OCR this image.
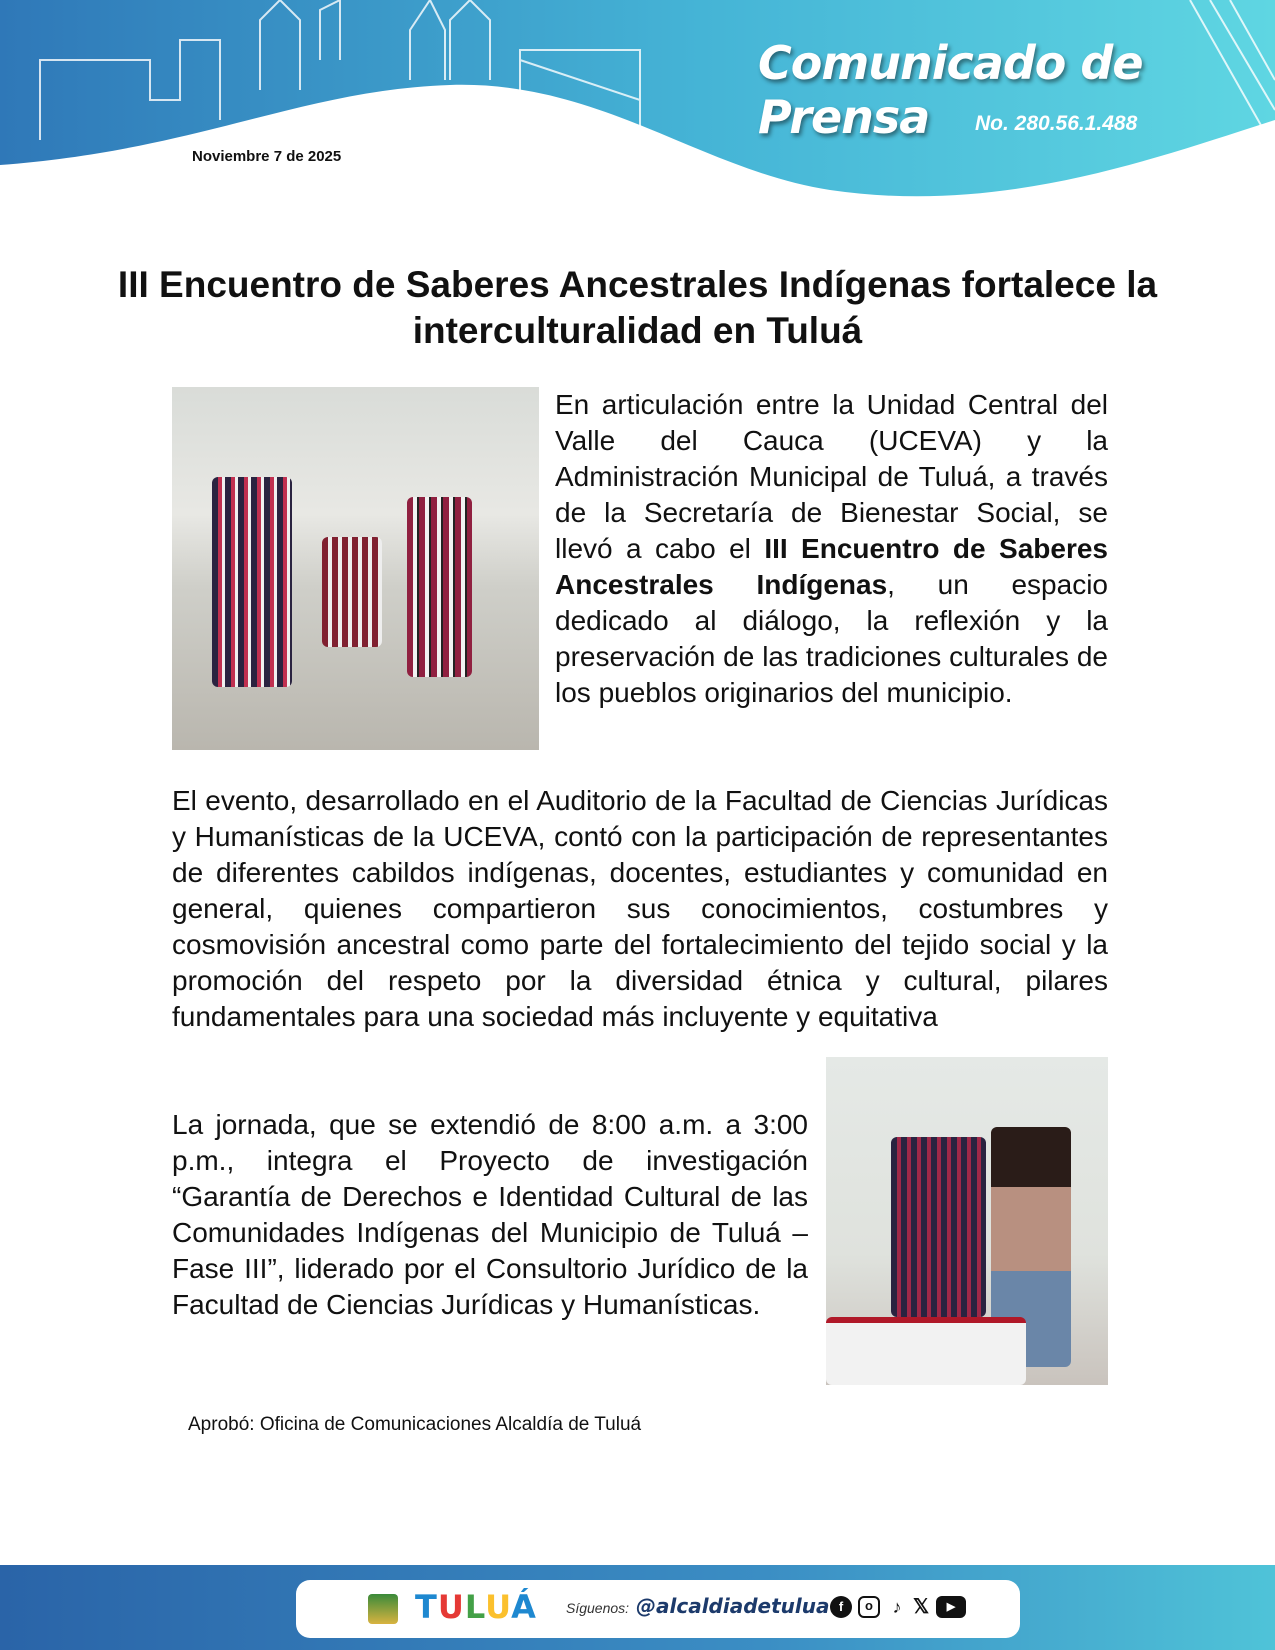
Comunicado de
Prensa	No. 280.56.1.488
Noviembre 7 de 2025
III Encuentro de Saberes Ancestrales Indígenas fortalece la interculturalidad en Tuluá
En articulación entre la Unidad Central del Valle del Cauca (UCEVA) y la Administración Municipal de Tuluá, a través de la Secretaría de Bienestar Social, se llevó a cabo el III Encuentro de Saberes Ancestrales Indígenas, un espacio dedicado al diálogo, la reflexión y la preservación de las tradiciones culturales de los pueblos originarios del municipio.
El evento, desarrollado en el Auditorio de la Facultad de Ciencias Jurídicas y Humanísticas de la UCEVA, contó con la participación de representantes de diferentes cabildos indígenas, docentes, estudiantes y comunidad en general, quienes compartieron sus conocimientos, costumbres y cosmovisión ancestral como parte del fortalecimiento del tejido social y la promoción del respeto por la diversidad étnica y cultural, pilares fundamentales para una sociedad más incluyente y equitativa
La jornada, que se extendió de 8:00 a.m. a 3:00 p.m., integra el Proyecto de investigación “Garantía de Derechos e Identidad Cultural de las Comunidades Indígenas del Municipio de Tuluá – Fase III”, liderado por el Consultorio Jurídico de la Facultad de Ciencias Jurídicas y Humanísticas.
Aprobó: Oficina de Comunicaciones Alcaldía de Tuluá
TULUÁ Síguenos: @alcaldiadetulua f	o	♪ 𝕏	▶
